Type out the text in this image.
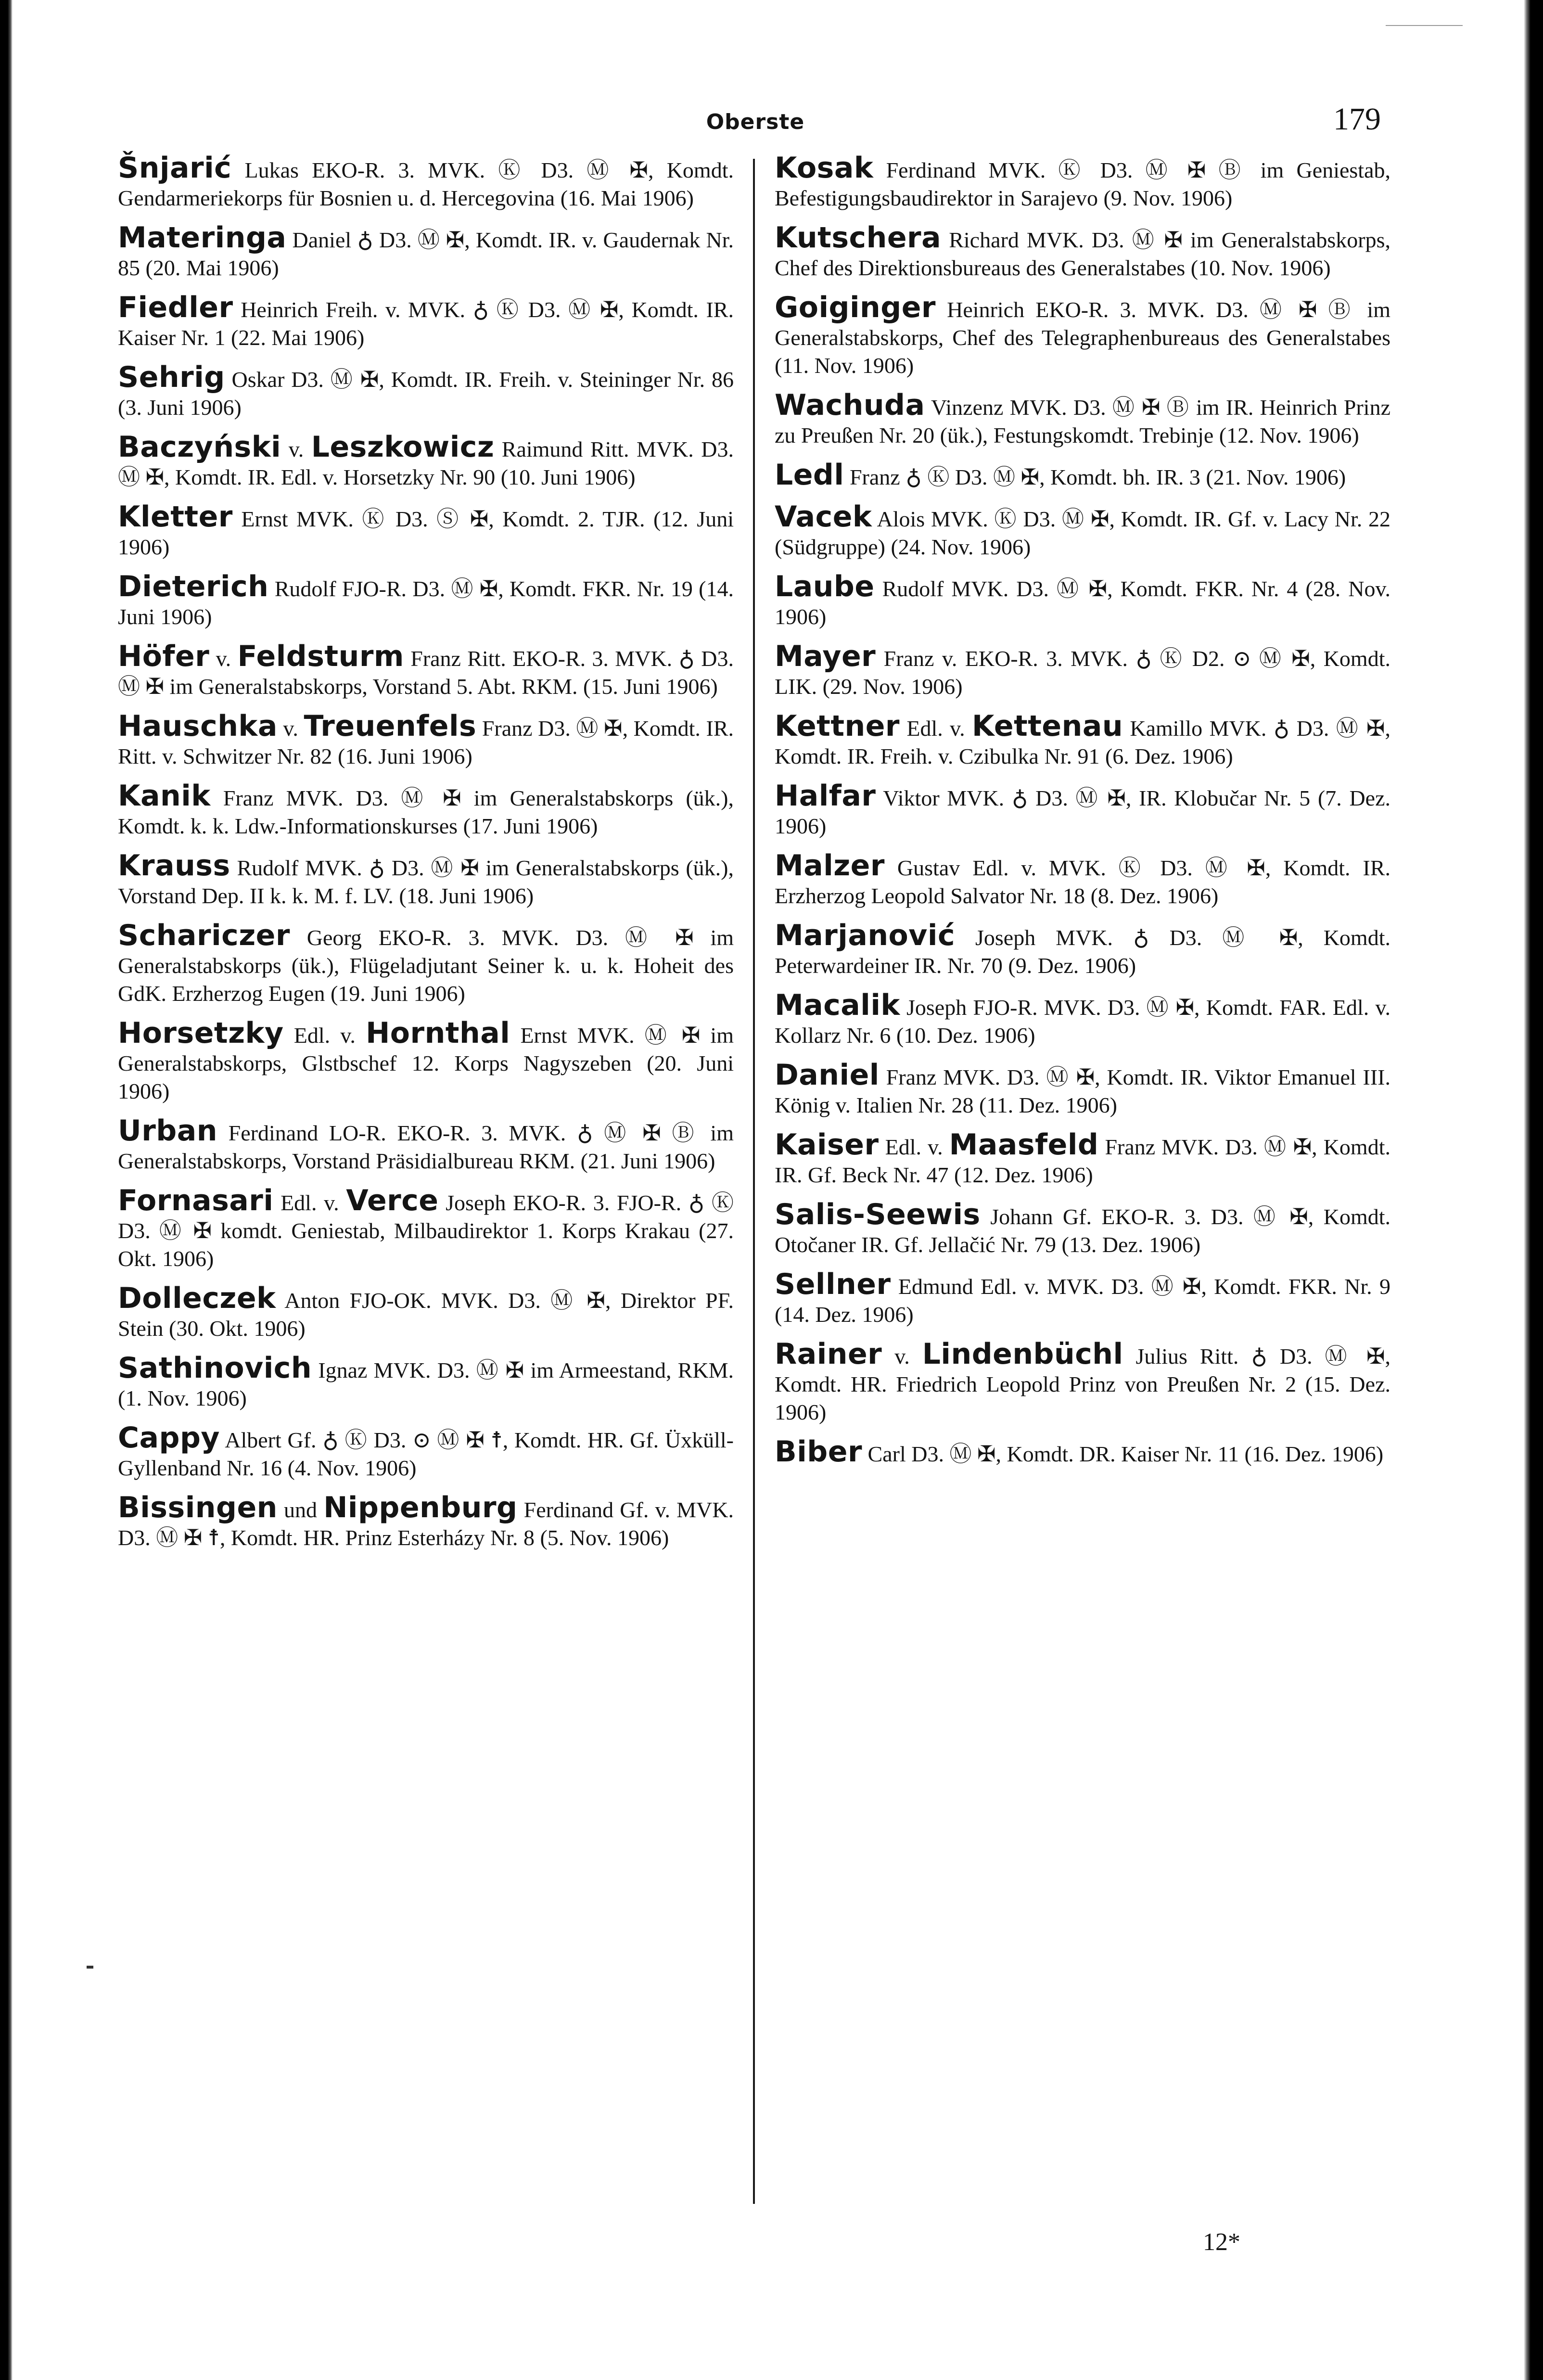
Oberste	179

Šnjarić Lukas EKO-R. 3. MVK. Ⓚ D3. Ⓜ ✠, Komdt. Gendarmeriekorps für Bosnien u. d. Hercegovina (16. Mai 1906)

Materinga Daniel ♁ D3. Ⓜ ✠, Komdt. IR. v. Gaudernak Nr. 85 (20. Mai 1906)

Fiedler Heinrich Freih. v. MVK. ♁ Ⓚ D3. Ⓜ ✠, Komdt. IR. Kaiser Nr. 1 (22. Mai 1906)

Sehrig Oskar D3. Ⓜ ✠, Komdt. IR. Freih. v. Steininger Nr. 86 (3. Juni 1906)

Baczyński v. Leszkowicz Raimund Ritt. MVK. D3. Ⓜ ✠, Komdt. IR. Edl. v. Horsetzky Nr. 90 (10. Juni 1906)

Kletter Ernst MVK. Ⓚ D3. Ⓢ ✠, Komdt. 2. TJR. (12. Juni 1906)

Dieterich Rudolf FJO-R. D3. Ⓜ ✠, Komdt. FKR. Nr. 19 (14. Juni 1906)

Höfer v. Feldsturm Franz Ritt. EKO-R. 3. MVK. ♁ D3. Ⓜ ✠ im Generalstabskorps, Vorstand 5. Abt. RKM. (15. Juni 1906)

Hauschka v. Treuenfels Franz D3. Ⓜ ✠, Komdt. IR. Ritt. v. Schwitzer Nr. 82 (16. Juni 1906)

Kanik Franz MVK. D3. Ⓜ ✠ im Generalstabskorps (ük.), Komdt. k. k. Ldw.-Informationskurses (17. Juni 1906)

Krauss Rudolf MVK. ♁ D3. Ⓜ ✠ im Generalstabskorps (ük.), Vorstand Dep. II k. k. M. f. LV. (18. Juni 1906)

Schariczer Georg EKO-R. 3. MVK. D3. Ⓜ ✠ im Generalstabskorps (ük.), Flügeladjutant Seiner k. u. k. Hoheit des GdK. Erzherzog Eugen (19. Juni 1906)

Horsetzky Edl. v. Hornthal Ernst MVK. Ⓜ ✠ im Generalstabskorps, Glstbschef 12. Korps Nagyszeben (20. Juni 1906)

Urban Ferdinand LO-R. EKO-R. 3. MVK. ♁ Ⓜ ✠ Ⓑ im Generalstabskorps, Vorstand Präsidialbureau RKM. (21. Juni 1906)

Fornasari Edl. v. Verce Joseph EKO-R. 3. FJO-R. ♁ Ⓚ D3. Ⓜ ✠ komdt. Geniestab, Milbaudirektor 1. Korps Krakau (27. Okt. 1906)

Dolleczek Anton FJO-OK. MVK. D3. Ⓜ ✠, Direktor PF. Stein (30. Okt. 1906)

Sathinovich Ignaz MVK. D3. Ⓜ ✠ im Armeestand, RKM. (1. Nov. 1906)

Cappy Albert Gf. ♁ Ⓚ D3. ⊙ Ⓜ ✠ ☨, Komdt. HR. Gf. Üxküll-Gyllenband Nr. 16 (4. Nov. 1906)

Bissingen und Nippenburg Ferdinand Gf. v. MVK. D3. Ⓜ ✠ ☨, Komdt. HR. Prinz Esterházy Nr. 8 (5. Nov. 1906)

Kosak Ferdinand MVK. Ⓚ D3. Ⓜ ✠ Ⓑ im Geniestab, Befestigungsbaudirektor in Sarajevo (9. Nov. 1906)

Kutschera Richard MVK. D3. Ⓜ ✠ im Generalstabskorps, Chef des Direktionsbureaus des Generalstabes (10. Nov. 1906)

Goiginger Heinrich EKO-R. 3. MVK. D3. Ⓜ ✠ Ⓑ im Generalstabskorps, Chef des Telegraphenbureaus des Generalstabes (11. Nov. 1906)

Wachuda Vinzenz MVK. D3. Ⓜ ✠ Ⓑ im IR. Heinrich Prinz zu Preußen Nr. 20 (ük.), Festungskomdt. Trebinje (12. Nov. 1906)

Ledl Franz ♁ Ⓚ D3. Ⓜ ✠, Komdt. bh. IR. 3 (21. Nov. 1906)

Vacek Alois MVK. Ⓚ D3. Ⓜ ✠, Komdt. IR. Gf. v. Lacy Nr. 22 (Südgruppe) (24. Nov. 1906)

Laube Rudolf MVK. D3. Ⓜ ✠, Komdt. FKR. Nr. 4 (28. Nov. 1906)

Mayer Franz v. EKO-R. 3. MVK. ♁ Ⓚ D2. ⊙ Ⓜ ✠, Komdt. LIK. (29. Nov. 1906)

Kettner Edl. v. Kettenau Kamillo MVK. ♁ D3. Ⓜ ✠, Komdt. IR. Freih. v. Czibulka Nr. 91 (6. Dez. 1906)

Halfar Viktor MVK. ♁ D3. Ⓜ ✠, IR. Klobučar Nr. 5 (7. Dez. 1906)

Malzer Gustav Edl. v. MVK. Ⓚ D3. Ⓜ ✠, Komdt. IR. Erzherzog Leopold Salvator Nr. 18 (8. Dez. 1906)

Marjanović Joseph MVK. ♁ D3. Ⓜ ✠, Komdt. Peterwardeiner IR. Nr. 70 (9. Dez. 1906)

Macalik Joseph FJO-R. MVK. D3. Ⓜ ✠, Komdt. FAR. Edl. v. Kollarz Nr. 6 (10. Dez. 1906)

Daniel Franz MVK. D3. Ⓜ ✠, Komdt. IR. Viktor Emanuel III. König v. Italien Nr. 28 (11. Dez. 1906)

Kaiser Edl. v. Maasfeld Franz MVK. D3. Ⓜ ✠, Komdt. IR. Gf. Beck Nr. 47 (12. Dez. 1906)

Salis-Seewis Johann Gf. EKO-R. 3. D3. Ⓜ ✠, Komdt. Otočaner IR. Gf. Jellačić Nr. 79 (13. Dez. 1906)

Sellner Edmund Edl. v. MVK. D3. Ⓜ ✠, Komdt. FKR. Nr. 9 (14. Dez. 1906)

Rainer v. Lindenbüchl Julius Ritt. ♁ D3. Ⓜ ✠, Komdt. HR. Friedrich Leopold Prinz von Preußen Nr. 2 (15. Dez. 1906)

Biber Carl D3. Ⓜ ✠, Komdt. DR. Kaiser Nr. 11 (16. Dez. 1906)

12*
